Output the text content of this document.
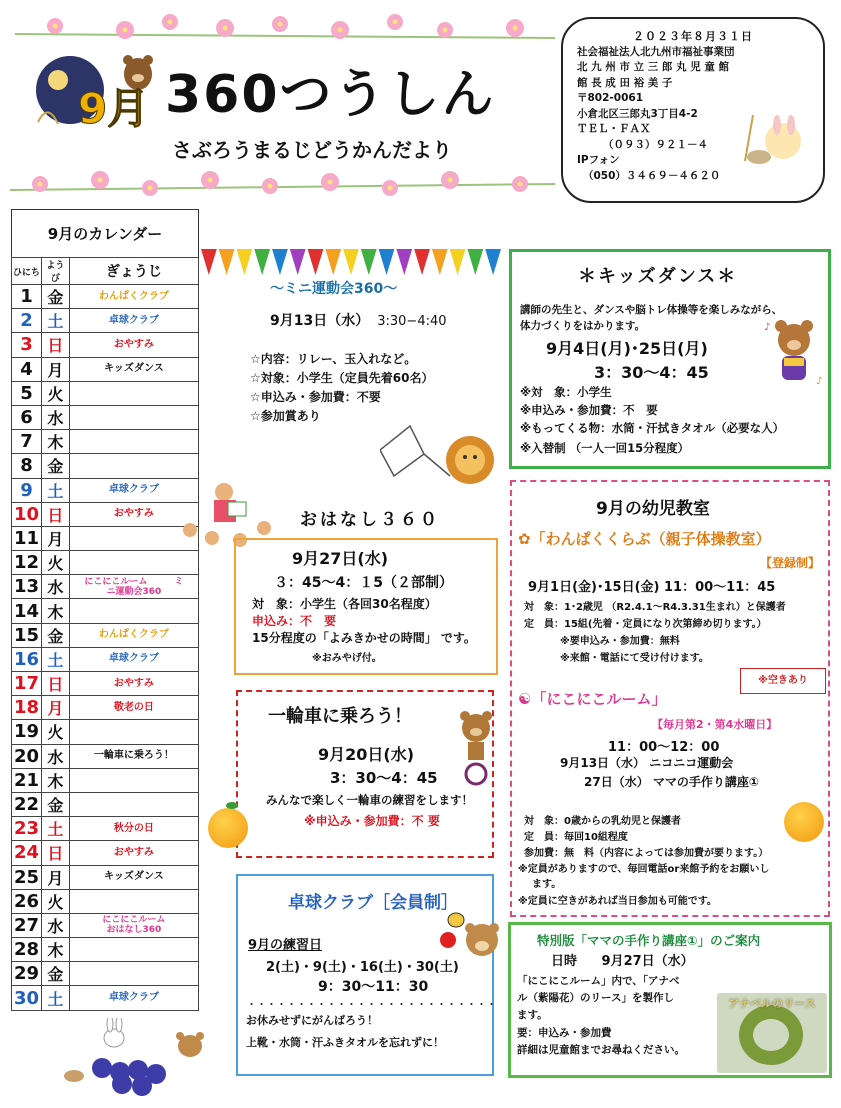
9月 360つうしん
さぶろうまるじどうかんだより
２０２３年８月３１日
社会福祉法人北九州市福祉事業団
北 九 州 市 立 三 郎 丸 児 童 館
館 長 成 田 裕 美 子
〒802-0061
小倉北区三郎丸3丁目4-2
ＴＥＬ・ＦＡＸ
（０９３）９２１－４
IPフォン
（050）３４６９－４６２０
9月のカレンダー
ひにち	ようび	ぎょうじ
1	金	わんぱくクラブ
2	土	卓球クラブ
3	日	おやすみ
4	月	キッズダンス
5	火	
6	水	
7	木	
8	金	
9	土	卓球クラブ
10	日	おやすみ
11	月	
12	火	
13	水	にこにこルーム　　　ミ
ニ運動会360
14	木	
15	金	わんぱくクラブ
16	土	卓球クラブ
17	日	おやすみ
18	月	敬老の日
19	火	
20	水	一輪車に乗ろう！
21	木	
22	金	
23	土	秋分の日
24	日	おやすみ
25	月	キッズダンス
26	火	
27	水	にこにこルーム
おはなし360
28	木	
29	金	
30	土	卓球クラブ
～ミニ運動会360～
9月13日（水） 3:30−4:40
☆内容：リレー、玉入れなど。
☆対象：小学生（定員先着60名）
☆申込み・参加費：不要
☆参加賞あり
おはなし３６０
9月27日(水)
３：45～4：１5（２部制）
対　象：小学生（各回30名程度）
申込み：不　要
15分程度の「よみきかせの時間」 です。
※おみやげ付。
一輪車に乗ろう！
9月20日(水)
3：30～4：45
みんなで楽しく一輪車の練習をします！
※申込み・参加費：不 要
卓球クラブ［会員制］
9月の練習日
2(土)・9(土)・16(土)・30(土)
9：30～11：30
・・・・・・・・・・・・・・・・・・・・・・・・・
お休みせずにがんばろう！
上靴・水筒・汗ふきタオルを忘れずに！
＊キッズダンス＊
講師の先生と、ダンスや脳トレ体操等を楽しみながら、
体力づくりをはかります。
9月4日(月)･25日(月)
3：30～4：45
※対　象：小学生
※申込み・参加費：不　要
※もってくる物：水筒・汗拭きタオル（必要な人）
※入替制 （一人一回15分程度）
♪
♪
9月の幼児教室
✿「わんぱくくらぶ（親子体操教室）
【登録制】
9月1日(金)･15日(金) 11：00～11：45
対　象：1･2歳児 （R2.4.1～R4.3.31生まれ）と保護者
定　員：15組(先着・定員になり次第締め切ります。）
※要申込み・参加費：無料
※来館・電話にて受け付けます。
※空きあり
☯「にこにこルーム」
【毎月第2・第4水曜日】
11：00～12：00
9月13日（水） ニコニコ運動会
27日（水） ママの手作り講座①
対　象：0歳からの乳幼児と保護者
定　員：毎回10組程度
参加費：無　料（内容によっては参加費が要ります。）
※定員がありますので、毎回電話or来館予約をお願いし
ます。
※定員に空きがあれば当日参加も可能です。
特別版「ママの手作り講座①」のご案内
日時 9月27日（水）
「にこにこルーム」内で、「アナベ
ル（紫陽花）のリース」を製作し
ます。
要：申込み・参加費
詳細は児童館までお尋ねください。
アナベルのリース
